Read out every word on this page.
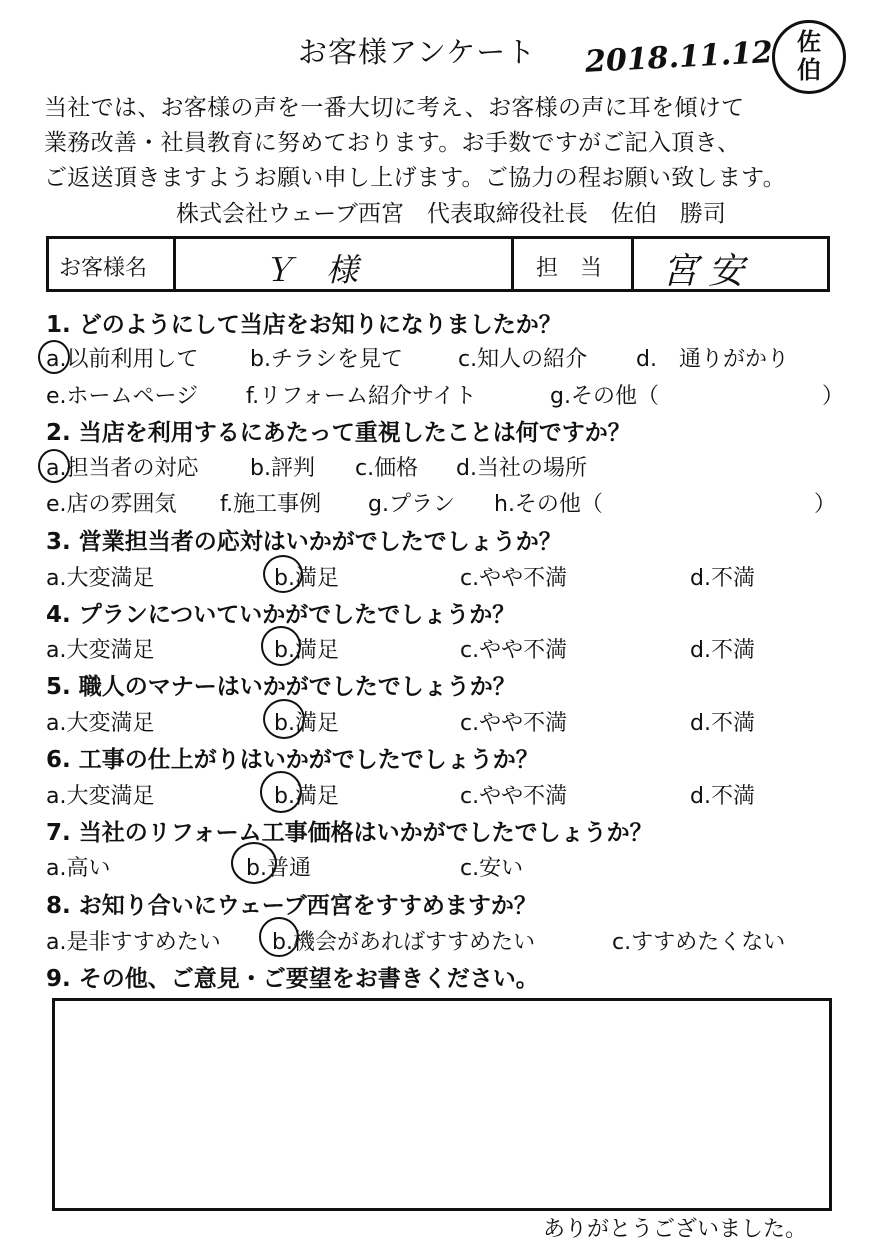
お客様アンケート 2018.11.12 佐
伯
当社では、お客様の声を一番大切に考え、お客様の声に耳を傾けて
業務改善・社員教育に努めております。お手数ですがご記入頂き、
ご返送頂きますようお願い申し上げます。ご協力の程お願い致します。
株式会社ウェーブ西宮　代表取締役社長　佐伯　勝司
お客様名	Ｙ　様	担　当 宮安
1. どのようにして当店をお知りになりましたか？
a.以前利用して b.チラシを見て	c.知人の紹介 d.　通りがかり
e.ホームページ f.リフォーム紹介サイト	g.その他（	）
2. 当店を利用するにあたって重視したことは何ですか？
a.担当者の対応 b.評判 c.価格 d.当社の場所
e.店の雰囲気 f.施工事例 g.プラン h.その他（	）
3. 営業担当者の応対はいかがでしたでしょうか？
a.大変満足	b.満足	c.やや不満	d.不満
4. プランについていかがでしたでしょうか？
a.大変満足	b.満足	c.やや不満	d.不満
5. 職人のマナーはいかがでしたでしょうか？
a.大変満足	b.満足	c.やや不満	d.不満
6. 工事の仕上がりはいかがでしたでしょうか？
a.大変満足	b.満足	c.やや不満	d.不満
7. 当社のリフォーム工事価格はいかがでしたでしょうか？
a.高い	b.普通	c.安い
8. お知り合いにウェーブ西宮をすすめますか？
a.是非すすめたい b.機会があればすすめたい	c.すすめたくない
9. その他、ご意見・ご要望をお書きください。
ありがとうございました。
